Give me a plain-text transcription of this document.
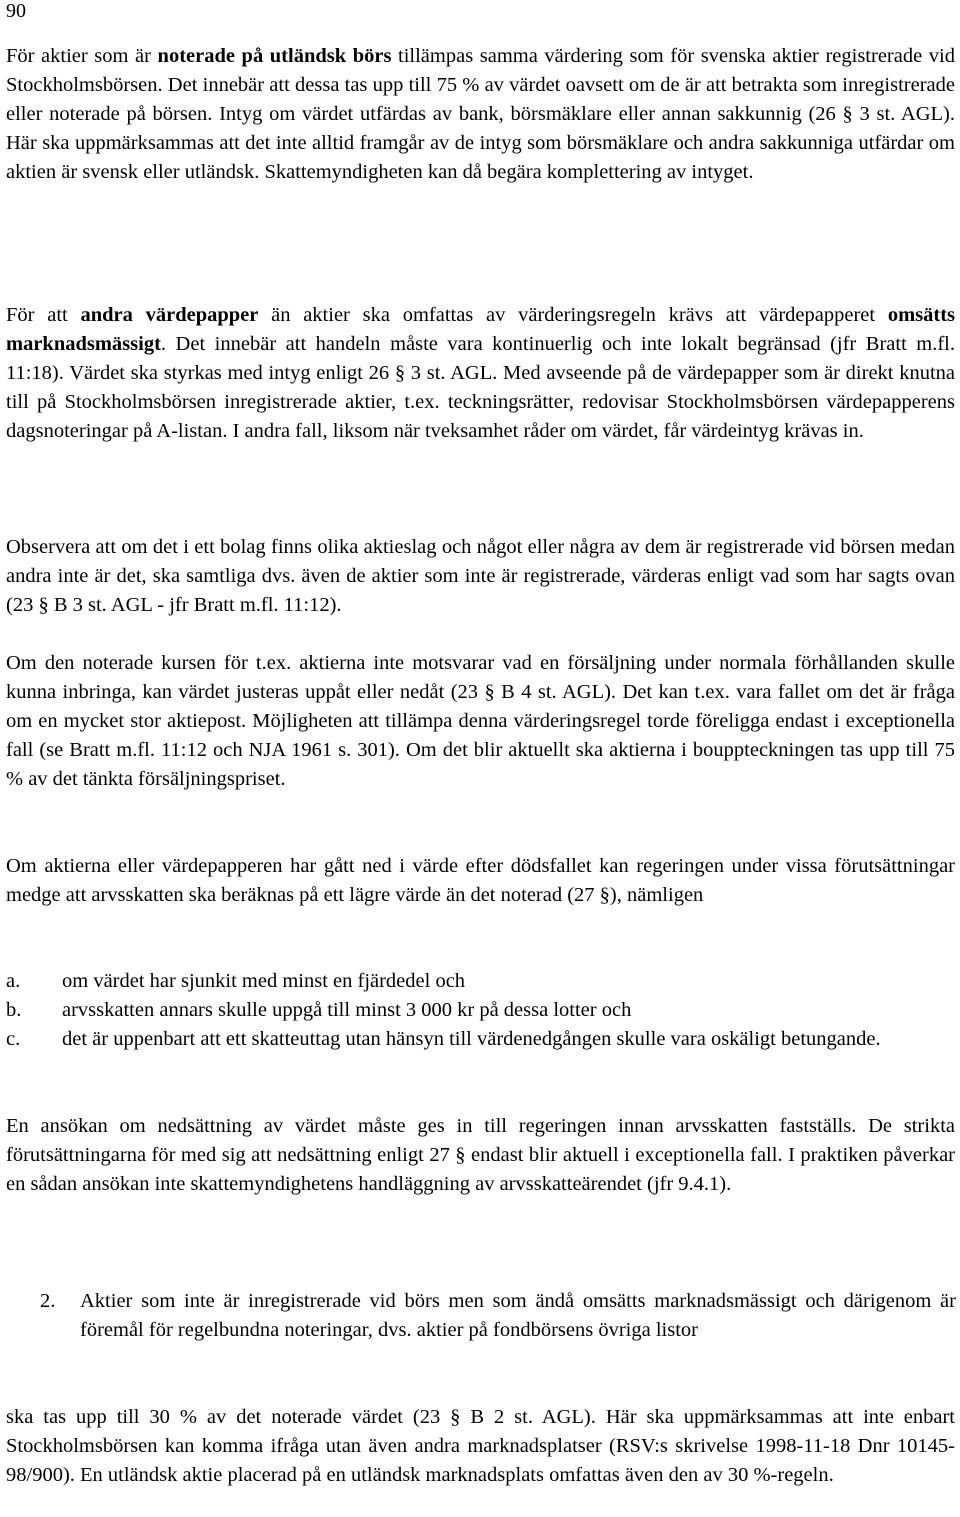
90

För aktier som är noterade på utländsk börs tillämpas samma värdering som för svenska aktier registrerade vid Stockholmsbörsen. Det innebär att dessa tas upp till 75 % av värdet oavsett om de är att betrakta som inregistrerade eller noterade på börsen. Intyg om värdet utfärdas av bank, börsmäklare eller annan sakkunnig (26 § 3 st. AGL). Här ska uppmärksammas att det inte alltid framgår av de intyg som börsmäklare och andra sakkunniga utfärdar om aktien är svensk eller utländsk. Skattemyndigheten kan då begära komplettering av intyget.

För att andra värdepapper än aktier ska omfattas av värderingsregeln krävs att värdepapperet omsätts marknadsmässigt. Det innebär att handeln måste vara kontinuerlig och inte lokalt begränsad (jfr Bratt m.fl. 11:18). Värdet ska styrkas med intyg enligt 26 § 3 st. AGL. Med avseende på de värdepapper som är direkt knutna till på Stockholmsbörsen inregistrerade aktier, t.ex. teckningsrätter, redovisar Stockholmsbörsen värdepapperens dagsnoteringar på A-listan. I andra fall, liksom när tveksamhet råder om värdet, får värdeintyg krävas in.

Observera att om det i ett bolag finns olika aktieslag och något eller några av dem är registrerade vid börsen medan andra inte är det, ska samtliga dvs. även de aktier som inte är registrerade, värderas enligt vad som har sagts ovan (23 § B 3 st. AGL - jfr Bratt m.fl. 11:12).

Om den noterade kursen för t.ex. aktierna inte motsvarar vad en försäljning under normala förhållanden skulle kunna inbringa, kan värdet justeras uppåt eller nedåt (23 § B 4 st. AGL). Det kan t.ex. vara fallet om det är fråga om en mycket stor aktiepost. Möjligheten att tillämpa denna värderingsregel torde föreligga endast i exceptionella fall (se Bratt m.fl. 11:12 och NJA 1961 s. 301). Om det blir aktuellt ska aktierna i bouppteckningen tas upp till 75 % av det tänkta försäljningspriset.

Om aktierna eller värdepapperen har gått ned i värde efter dödsfallet kan regeringen under vissa förutsättningar medge att arvsskatten ska beräknas på ett lägre värde än det noterad (27 §), nämligen

a. om värdet har sjunkit med minst en fjärdedel och
b. arvsskatten annars skulle uppgå till minst 3 000 kr på dessa lotter och
c. det är uppenbart att ett skatteuttag utan hänsyn till värdenedgången skulle vara oskäligt betungande.

En ansökan om nedsättning av värdet måste ges in till regeringen innan arvsskatten fastställs. De strikta förutsättningarna för med sig att nedsättning enligt 27 § endast blir aktuell i exceptionella fall. I praktiken påverkar en sådan ansökan inte skattemyndighetens handläggning av arvsskatteärendet (jfr 9.4.1).

2. Aktier som inte är inregistrerade vid börs men som ändå omsätts marknadsmässigt och därigenom är föremål för regelbundna noteringar, dvs. aktier på fondbörsens övriga listor

ska tas upp till 30 % av det noterade värdet (23 § B 2 st. AGL). Här ska uppmärksammas att inte enbart Stockholmsbörsen kan komma ifråga utan även andra marknadsplatser (RSV:s skrivelse 1998-11-18 Dnr 10145-98/900). En utländsk aktie placerad på en utländsk marknadsplats omfattas även den av 30 %-regeln.
